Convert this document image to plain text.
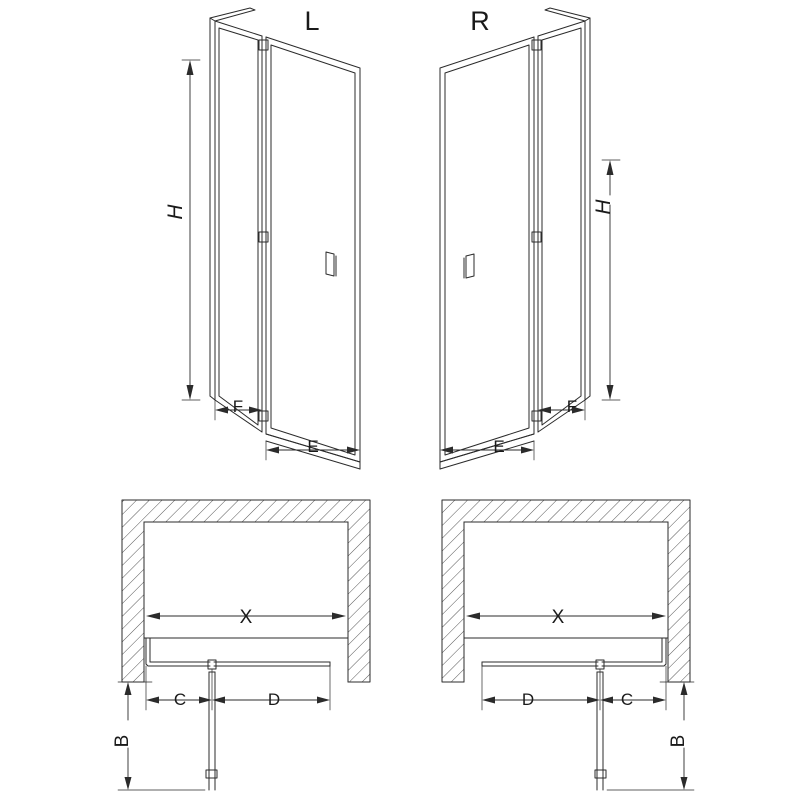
L	R
H	H
F
E
F
E
X
C	D
B
X
D	C
B
